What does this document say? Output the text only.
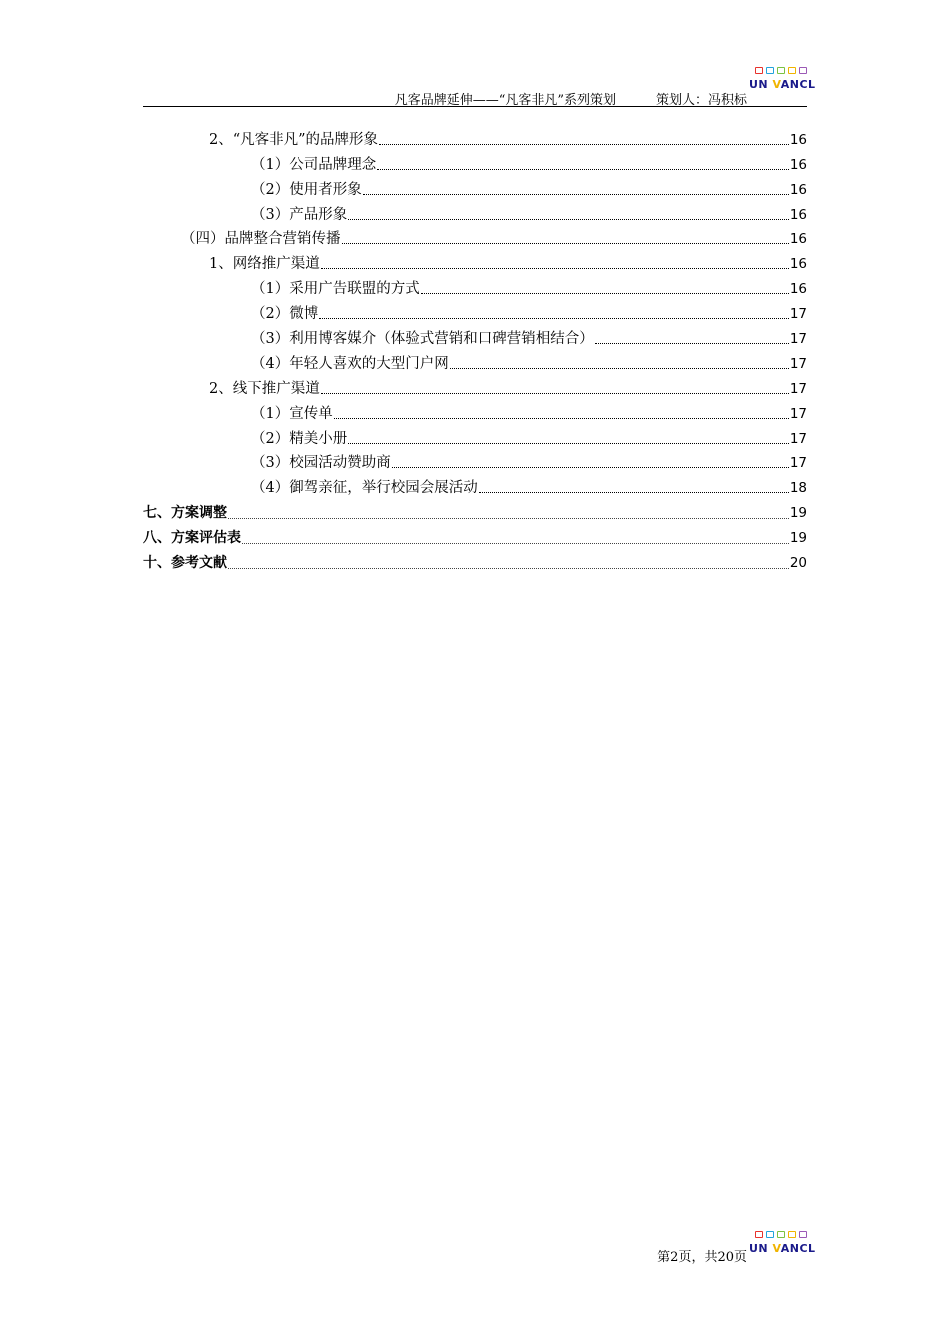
凡客品牌延伸——“凡客非凡”系列策划	策划人：冯积标
UN VANCL
2、“凡客非凡”的品牌形象	16
（1）公司品牌理念	16
（2）使用者形象	16
（3）产品形象	16
（四）品牌整合营销传播	16
1、网络推广渠道	16
（1）采用广告联盟的方式	16
（2）微博	17
（3）利用博客媒介（体验式营销和口碑营销相结合）	17
（4）年轻人喜欢的大型门户网	17
2、线下推广渠道	17
（1）宣传单	17
（2）精美小册	17
（3）校园活动赞助商	17
（4）御驾亲征，举行校园会展活动	18
七、方案调整	19
八、方案评估表	19
十、参考文献	20
第2页，共20页
UN VANCL
